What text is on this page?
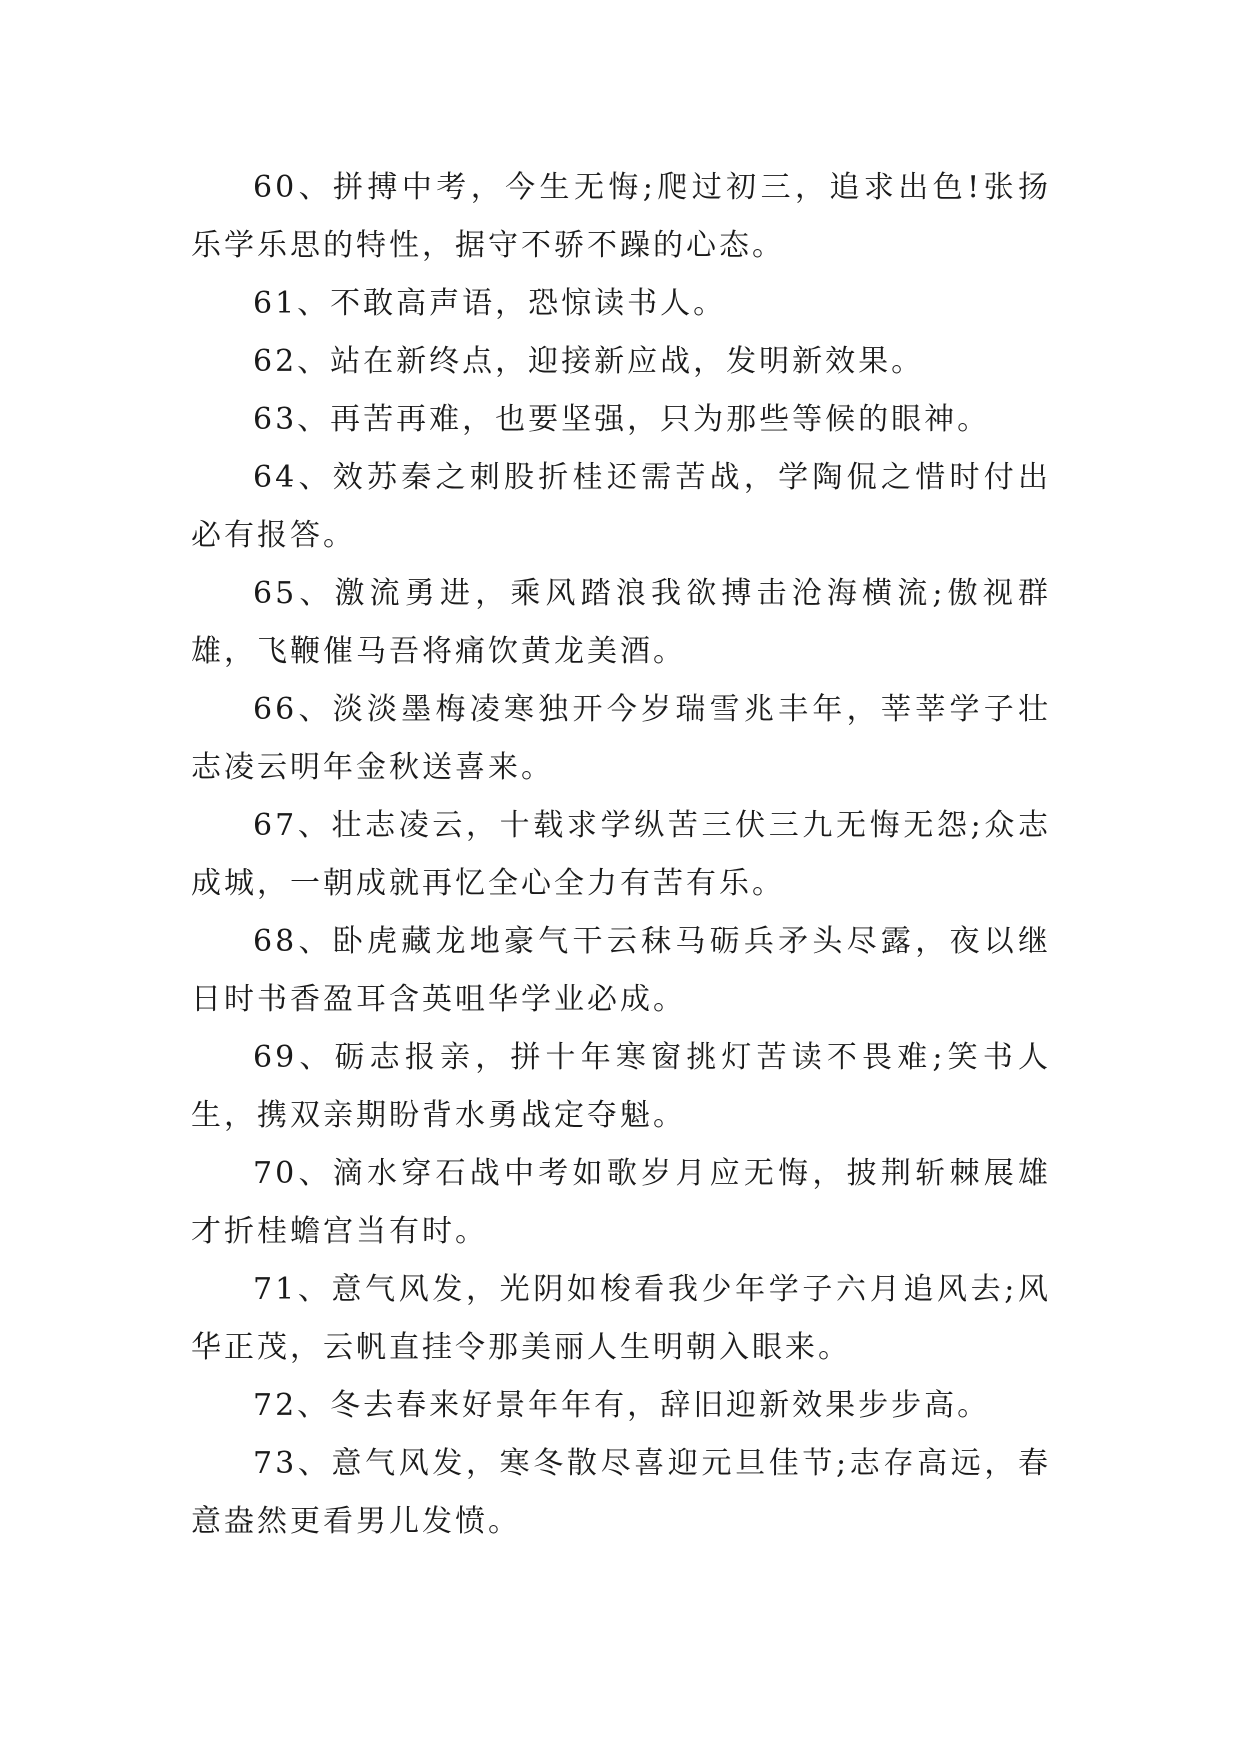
60、拼搏中考，今生无悔;爬过初三，追求出色!张扬乐学乐思的特性，据守不骄不躁的心态。

61、不敢高声语，恐惊读书人。

62、站在新终点，迎接新应战，发明新效果。

63、再苦再难，也要坚强，只为那些等候的眼神。

64、效苏秦之刺股折桂还需苦战，学陶侃之惜时付出必有报答。

65、激流勇进，乘风踏浪我欲搏击沧海横流;傲视群雄，飞鞭催马吾将痛饮黄龙美酒。

66、淡淡墨梅凌寒独开今岁瑞雪兆丰年，莘莘学子壮志凌云明年金秋送喜来。

67、壮志凌云，十载求学纵苦三伏三九无悔无怨;众志成城，一朝成就再忆全心全力有苦有乐。

68、卧虎藏龙地豪气干云秣马砺兵矛头尽露，夜以继日时书香盈耳含英咀华学业必成。

69、砺志报亲，拼十年寒窗挑灯苦读不畏难;笑书人生，携双亲期盼背水勇战定夺魁。

70、滴水穿石战中考如歌岁月应无悔，披荆斩棘展雄才折桂蟾宫当有时。

71、意气风发，光阴如梭看我少年学子六月追风去;风华正茂，云帆直挂令那美丽人生明朝入眼来。

72、冬去春来好景年年有，辞旧迎新效果步步高。

73、意气风发，寒冬散尽喜迎元旦佳节;志存高远，春意盎然更看男儿发愤。
